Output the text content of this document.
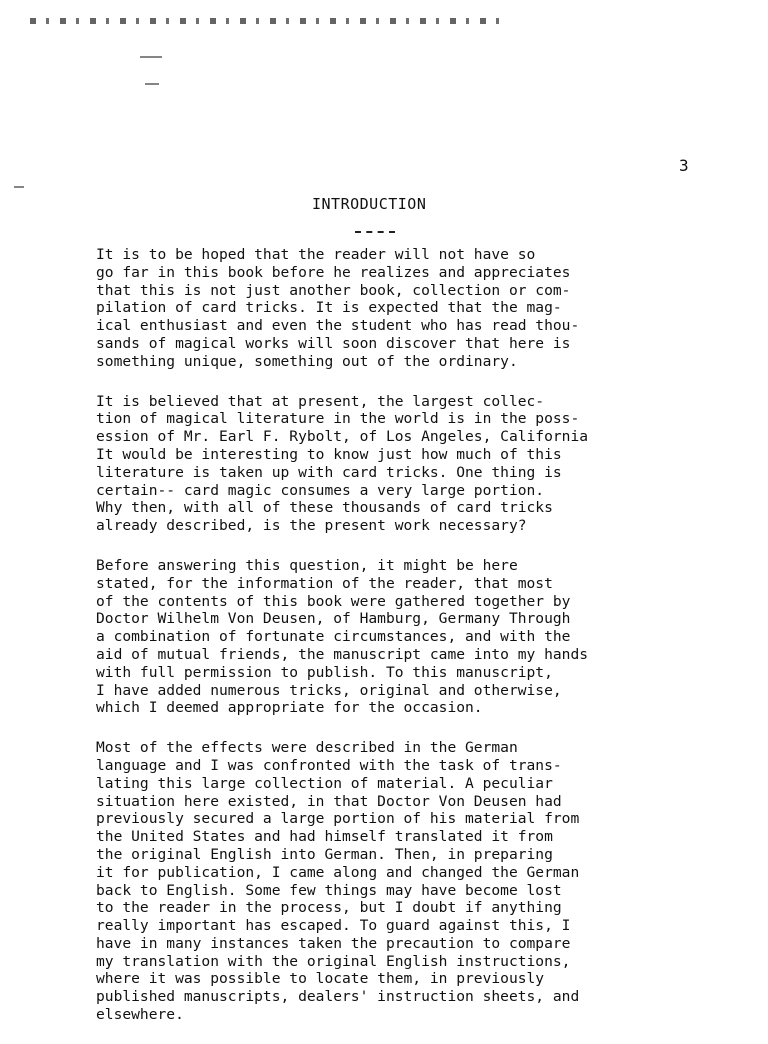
3
INTRODUCTION

It is to be hoped that the reader will not have so
go far in this book before he realizes and appreciates
that this is not just another book, collection or com-
pilation of card tricks. It is expected that the mag-
ical enthusiast and even the student who has read thou-
sands of magical works will soon discover that here is
something unique, something out of the ordinary.

It is believed that at present, the largest collec-
tion of magical literature in the world is in the poss-
ession of Mr. Earl F. Rybolt, of Los Angeles, California
It would be interesting to know just how much of this
literature is taken up with card tricks. One thing is
certain-- card magic consumes a very large portion.
Why then, with all of these thousands of card tricks
already described, is the present work necessary?

Before answering this question, it might be here
stated, for the information of the reader, that most
of the contents of this book were gathered together by
Doctor Wilhelm Von Deusen, of Hamburg, Germany Through
a combination of fortunate circumstances, and with the
aid of mutual friends, the manuscript came into my hands
with full permission to publish. To this manuscript,
I have added numerous tricks, original and otherwise,
which I deemed appropriate for the occasion.

Most of the effects were described in the German
language and I was confronted with the task of trans-
lating this large collection of material. A peculiar
situation here existed, in that Doctor Von Deusen had
previously secured a large portion of his material from
the United States and had himself translated it from
the original English into German. Then, in preparing
it for publication, I came along and changed the German
back to English. Some few things may have become lost
to the reader in the process, but I doubt if anything
really important has escaped. To guard against this, I
have in many instances taken the precaution to compare
my translation with the original English instructions,
where it was possible to locate them, in previously
published manuscripts, dealers' instruction sheets, and
elsewhere.
